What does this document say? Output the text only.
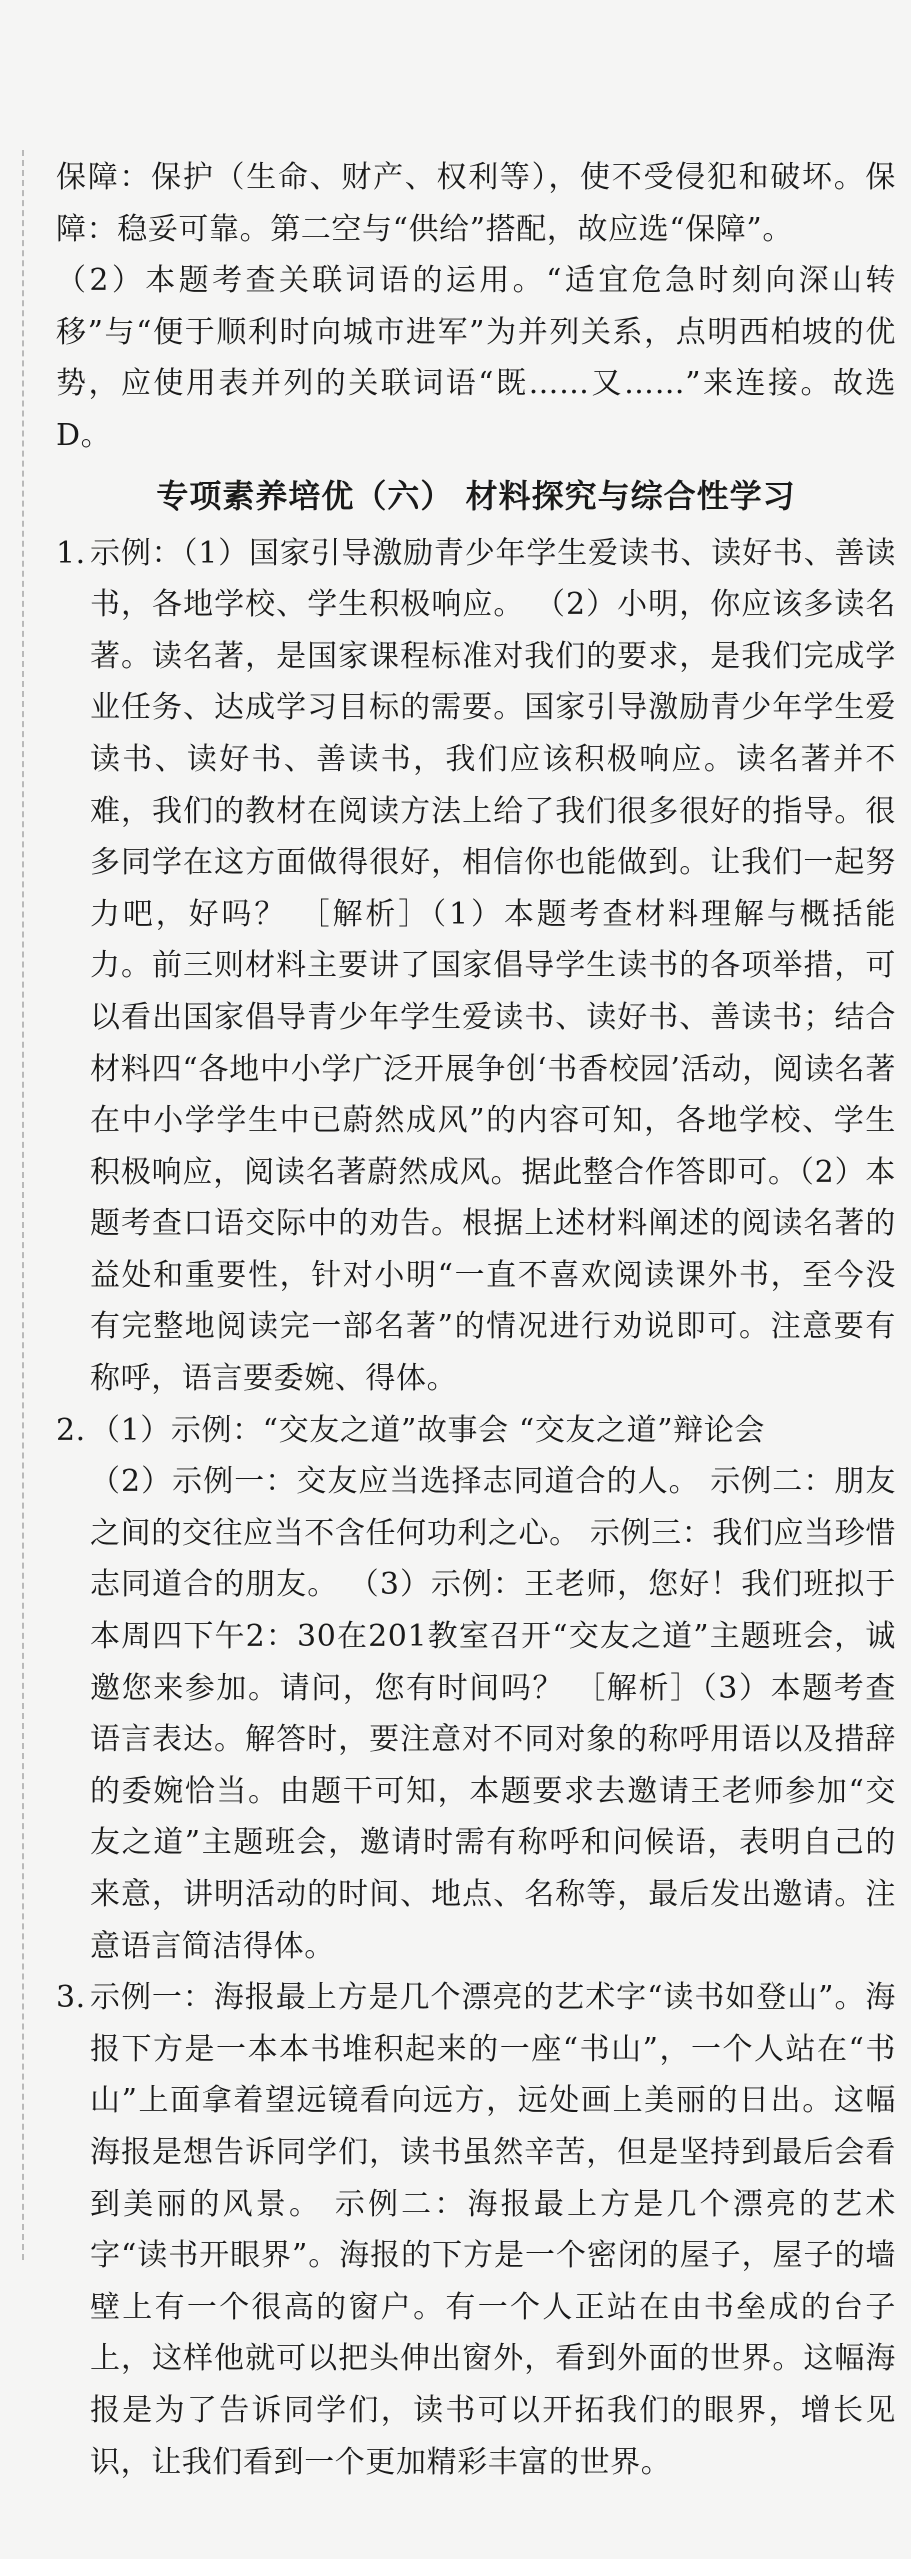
保障：保护（生命、财产、权利等），使不受侵犯和破坏。保障：稳妥可靠。第二空与“供给”搭配，故应选“保障”。

（2）本题考查关联词语的运用。“适宜危急时刻向深山转移”与“便于顺利时向城市进军”为并列关系，点明西柏坡的优势，应使用表并列的关联词语“既……又……”来连接。故选D。

专项素养培优（六） 材料探究与综合性学习
1. 示例：（1）国家引导激励青少年学生爱读书、读好书、善读书，各地学校、学生积极响应。 （2）小明，你应该多读名著。读名著，是国家课程标准对我们的要求，是我们完成学业任务、达成学习目标的需要。国家引导激励青少年学生爱读书、读好书、善读书，我们应该积极响应。读名著并不难，我们的教材在阅读方法上给了我们很多很好的指导。很多同学在这方面做得很好，相信你也能做到。让我们一起努力吧，好吗？ ［解析］（1）本题考查材料理解与概括能力。前三则材料主要讲了国家倡导学生读书的各项举措，可以看出国家倡导青少年学生爱读书、读好书、善读书；结合材料四“各地中小学广泛开展争创‘书香校园’活动，阅读名著在中小学学生中已蔚然成风”的内容可知，各地学校、学生积极响应，阅读名著蔚然成风。据此整合作答即可。（2）本题考查口语交际中的劝告。根据上述材料阐述的阅读名著的益处和重要性，针对小明“一直不喜欢阅读课外书，至今没有完整地阅读完一部名著”的情况进行劝说即可。注意要有称呼，语言要委婉、得体。

2. （1）示例：“交友之道”故事会 “交友之道”辩论会
（2）示例一：交友应当选择志同道合的人。 示例二：朋友之间的交往应当不含任何功利之心。 示例三：我们应当珍惜志同道合的朋友。 （3）示例：王老师，您好！我们班拟于本周四下午2：30在201教室召开“交友之道”主题班会，诚邀您来参加。请问，您有时间吗？ ［解析］（3）本题考查语言表达。解答时，要注意对不同对象的称呼用语以及措辞的委婉恰当。由题干可知，本题要求去邀请王老师参加“交友之道”主题班会，邀请时需有称呼和问候语，表明自己的来意，讲明活动的时间、地点、名称等，最后发出邀请。注意语言简洁得体。

3. 示例一：海报最上方是几个漂亮的艺术字“读书如登山”。海报下方是一本本书堆积起来的一座“书山”，一个人站在“书山”上面拿着望远镜看向远方，远处画上美丽的日出。这幅海报是想告诉同学们，读书虽然辛苦，但是坚持到最后会看到美丽的风景。 示例二：海报最上方是几个漂亮的艺术字“读书开眼界”。海报的下方是一个密闭的屋子，屋子的墙壁上有一个很高的窗户。有一个人正站在由书垒成的台子上，这样他就可以把头伸出窗外，看到外面的世界。这幅海报是为了告诉同学们，读书可以开拓我们的眼界，增长见识，让我们看到一个更加精彩丰富的世界。
